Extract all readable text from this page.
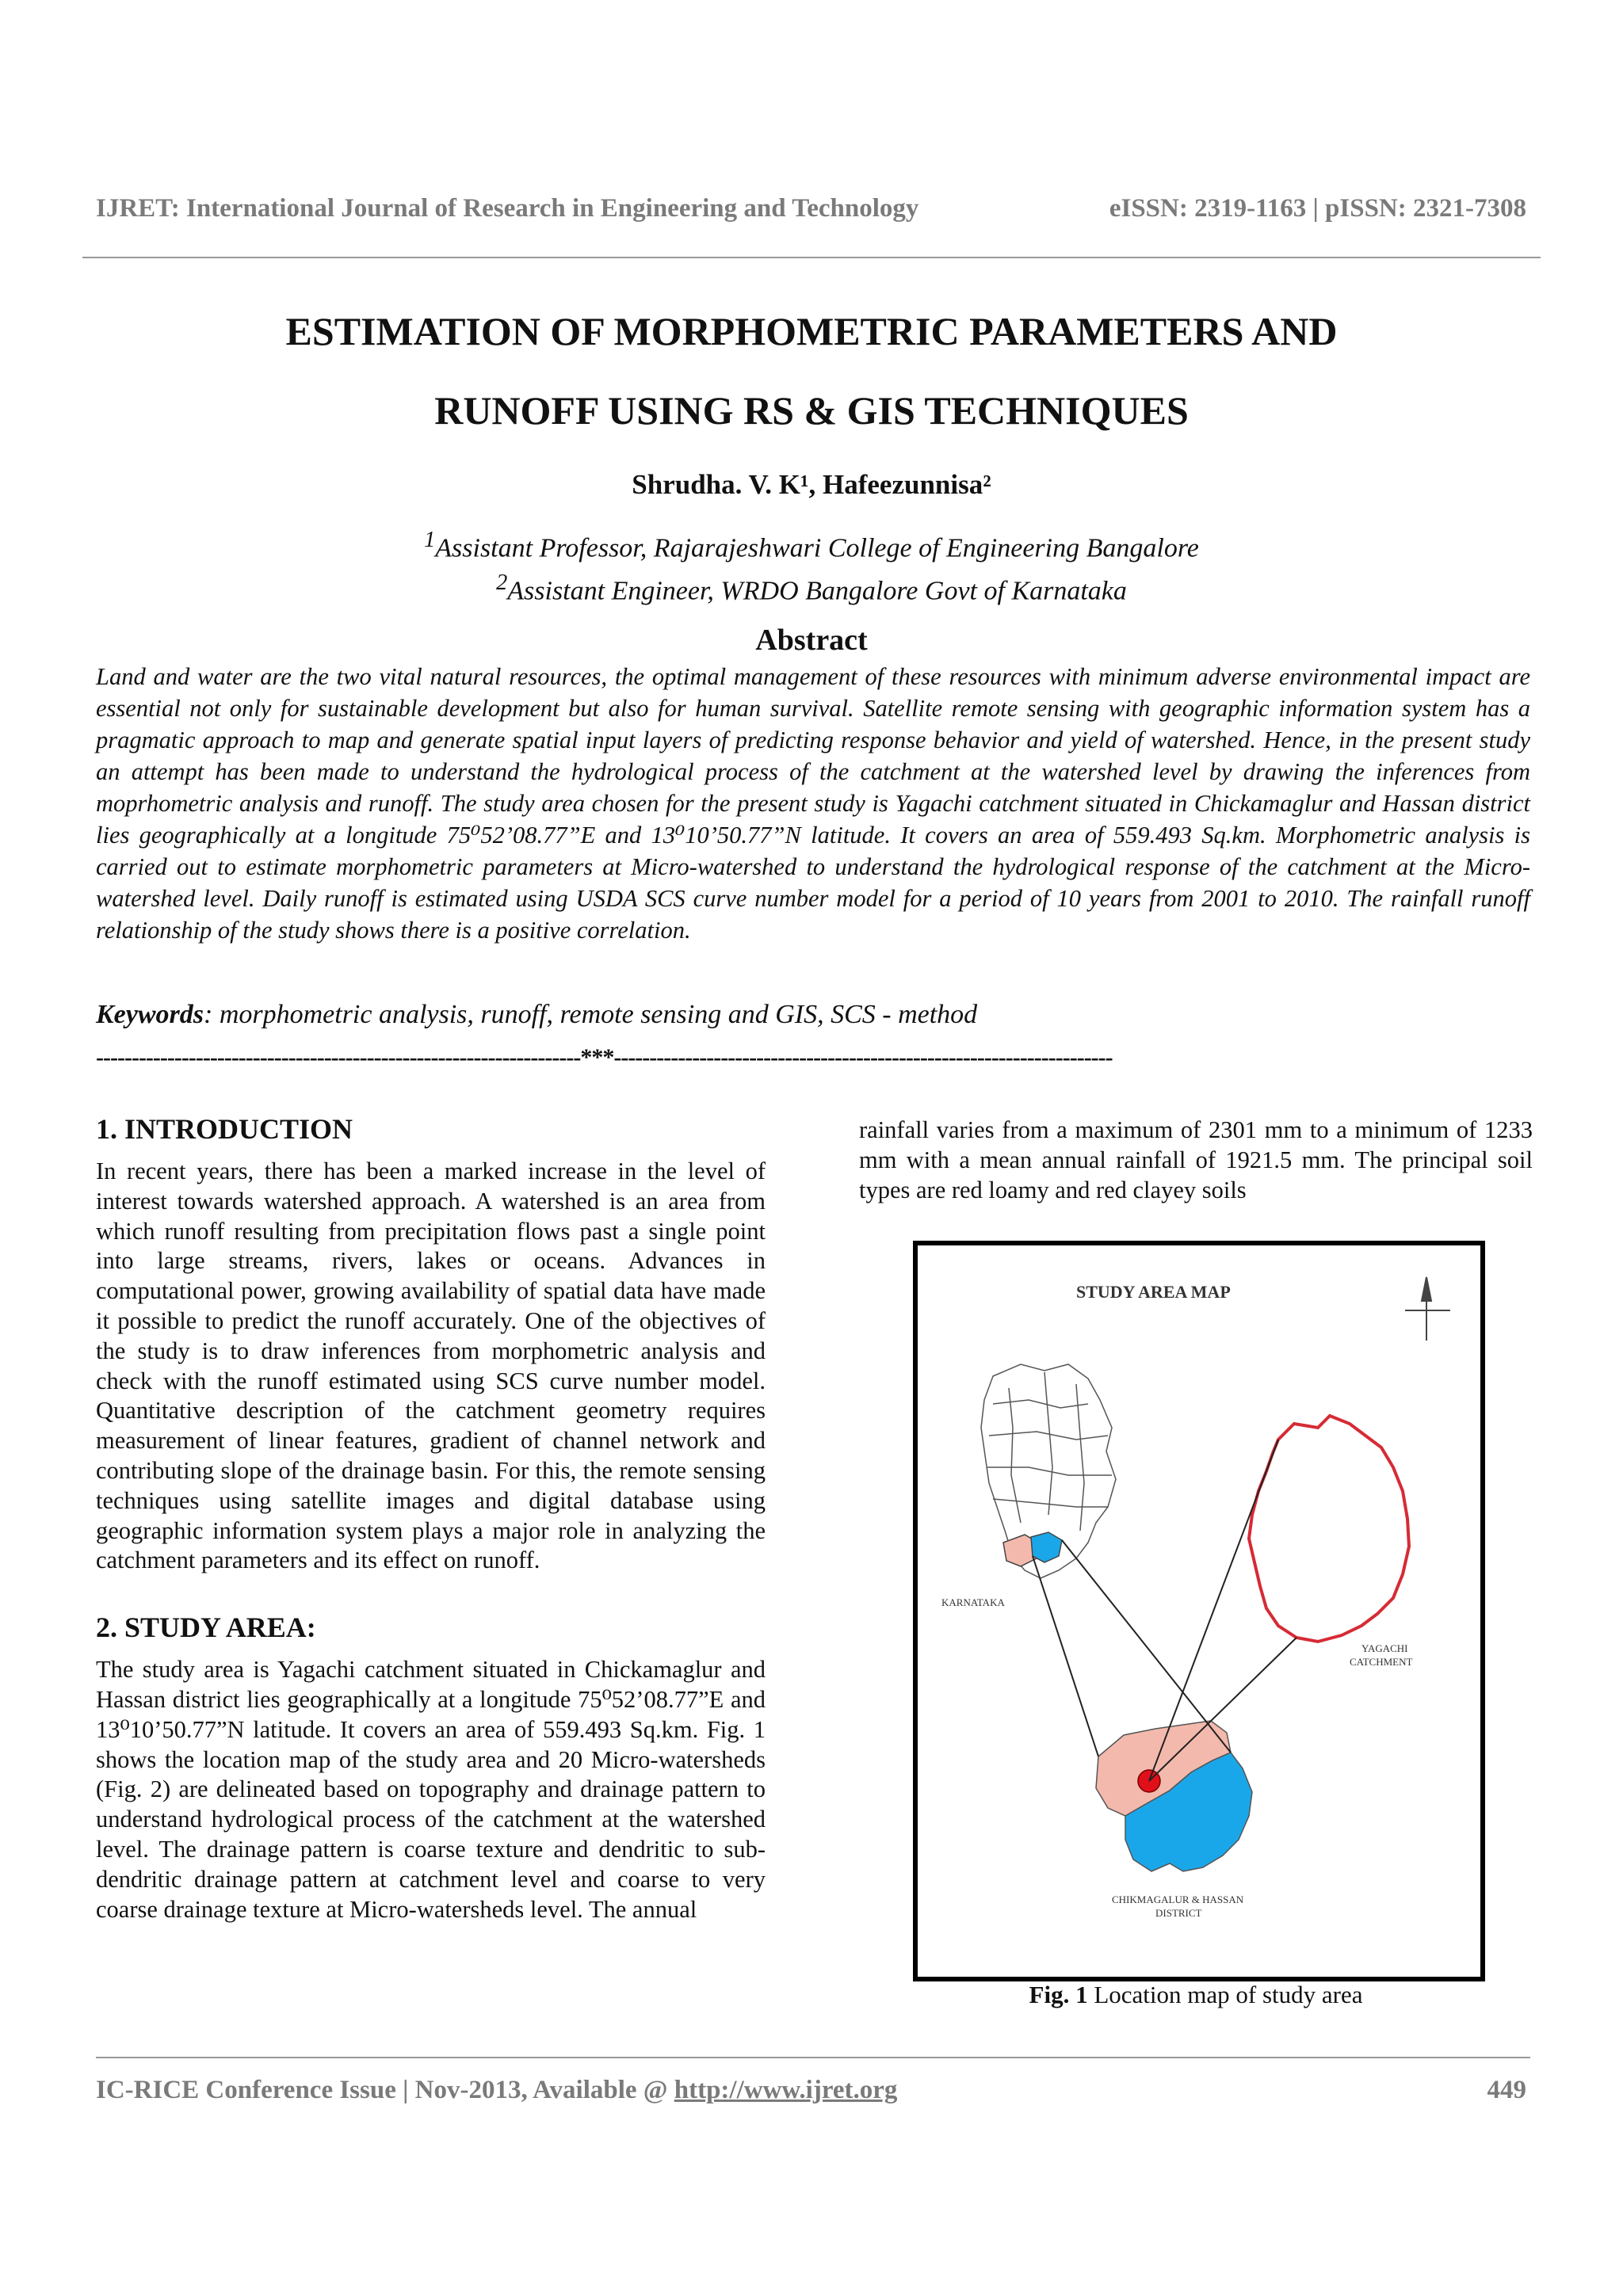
IJRET: International Journal of Research in Engineering and Technology	eISSN: 2319-1163 | pISSN: 2321-7308
ESTIMATION OF MORPHOMETRIC PARAMETERS AND
RUNOFF USING RS & GIS TECHNIQUES
Shrudha. V. K¹, Hafeezunnisa²
$^1$Assistant Professor, Rajarajeshwari College of Engineering Bangalore
$^2$Assistant Engineer, WRDO Bangalore Govt of Karnataka
Abstract
Land and water are the two vital natural resources, the optimal management of these resources with minimum adverse environmental impact are essential not only for sustainable development but also for human survival. Satellite remote sensing with geographic information system has a pragmatic approach to map and generate spatial input layers of predicting response behavior and yield of watershed. Hence, in the present study an attempt has been made to understand the hydrological process of the catchment at the watershed level by drawing the inferences from moprhometric analysis and runoff. The study area chosen for the present study is Yagachi catchment situated in Chickamaglur and Hassan district lies geographically at a longitude 75⁰52’08.77”E and 13⁰10’50.77”N latitude. It covers an area of 559.493 Sq.km. Morphometric analysis is carried out to estimate morphometric parameters at Micro-watershed to understand the hydrological response of the catchment at the Micro-watershed level. Daily runoff is estimated using USDA SCS curve number model for a period of 10 years from 2001 to 2010. The rainfall runoff relationship of the study shows there is a positive correlation.
Keywords: morphometric analysis, runoff, remote sensing and GIS, SCS - method
--------------------------------------------------------------------***----------------------------------------------------------------------
1. INTRODUCTION

In recent years, there has been a marked increase in the level of interest towards watershed approach. A watershed is an area from which runoff resulting from precipitation flows past a single point into large streams, rivers, lakes or oceans. Advances in computational power, growing availability of spatial data have made it possible to predict the runoff accurately. One of the objectives of the study is to draw inferences from morphometric analysis and check with the runoff estimated using SCS curve number model. Quantitative description of the catchment geometry requires measurement of linear features, gradient of channel network and contributing slope of the drainage basin. For this, the remote sensing techniques using satellite images and digital database using geographic information system plays a major role in analyzing the catchment parameters and its effect on runoff.

2. STUDY AREA:

The study area is Yagachi catchment situated in Chickamaglur and Hassan district lies geographically at a longitude 75⁰52’08.77”E and 13⁰10’50.77”N latitude. It covers an area of 559.493 Sq.km. Fig. 1 shows the location map of the study area and 20 Micro-watersheds (Fig. 2) are delineated based on topography and drainage pattern to understand hydrological process of the catchment at the watershed level. The drainage pattern is coarse texture and dendritic to sub-dendritic drainage pattern at catchment level and coarse to very coarse drainage texture at Micro-watersheds level. The annual

rainfall varies from a maximum of 2301 mm to a minimum of 1233 mm with a mean annual rainfall of 1921.5 mm. The principal soil types are red loamy and red clayey soils

STUDY AREA MAP
KARNATAKA
YAGACHI
CATCHMENT
CHIKMAGALUR & HASSAN
DISTRICT
Fig. 1 Location map of study area
IC-RICE Conference Issue | Nov-2013, Available @ http://www.ijret.org	449
